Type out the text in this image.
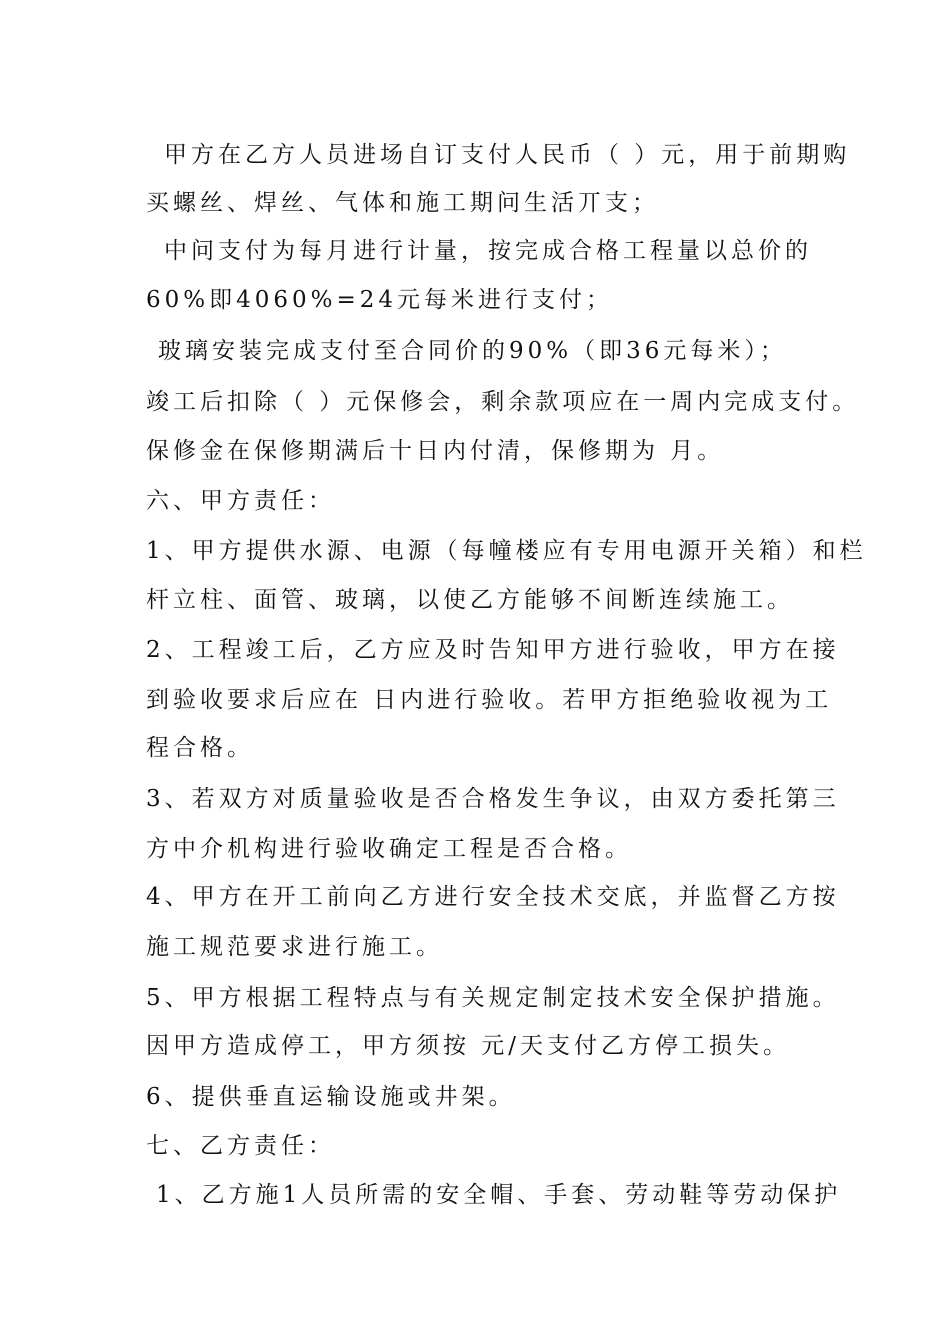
甲方在乙方人员进场自订支付人民币（ ）元，用于前期购
买螺丝、焊丝、气体和施工期问生活丌支；
中问支付为每月进行计量，按完成合格工程量以总价的
60%即4060%=24元每米进行支付；
玻璃安装完成支付至合同价的90%（即36元每米）；
竣工后扣除（ ）元保修会，剩余款项应在一周内完成支付。
保修金在保修期满后十日内付清，保修期为 月。
六、甲方责任：
1、甲方提供水源、电源（每幢楼应有专用电源开关箱）和栏
杆立柱、面管、玻璃，以使乙方能够不间断连续施工。
2、工程竣工后，乙方应及时告知甲方进行验收，甲方在接
到验收要求后应在 日内进行验收。若甲方拒绝验收视为工
程合格。
3、若双方对质量验收是否合格发生争议，由双方委托第三
方中介机构进行验收确定工程是否合格。
4、甲方在开工前向乙方进行安全技术交底，并监督乙方按
施工规范要求进行施工。
5、甲方根据工程特点与有关规定制定技术安全保护措施。
因甲方造成停工，甲方须按 元/天支付乙方停工损失。
6、提供垂直运输设施或井架。
七、乙方责任：
1、乙方施1人员所需的安全帽、手套、劳动鞋等劳动保护
